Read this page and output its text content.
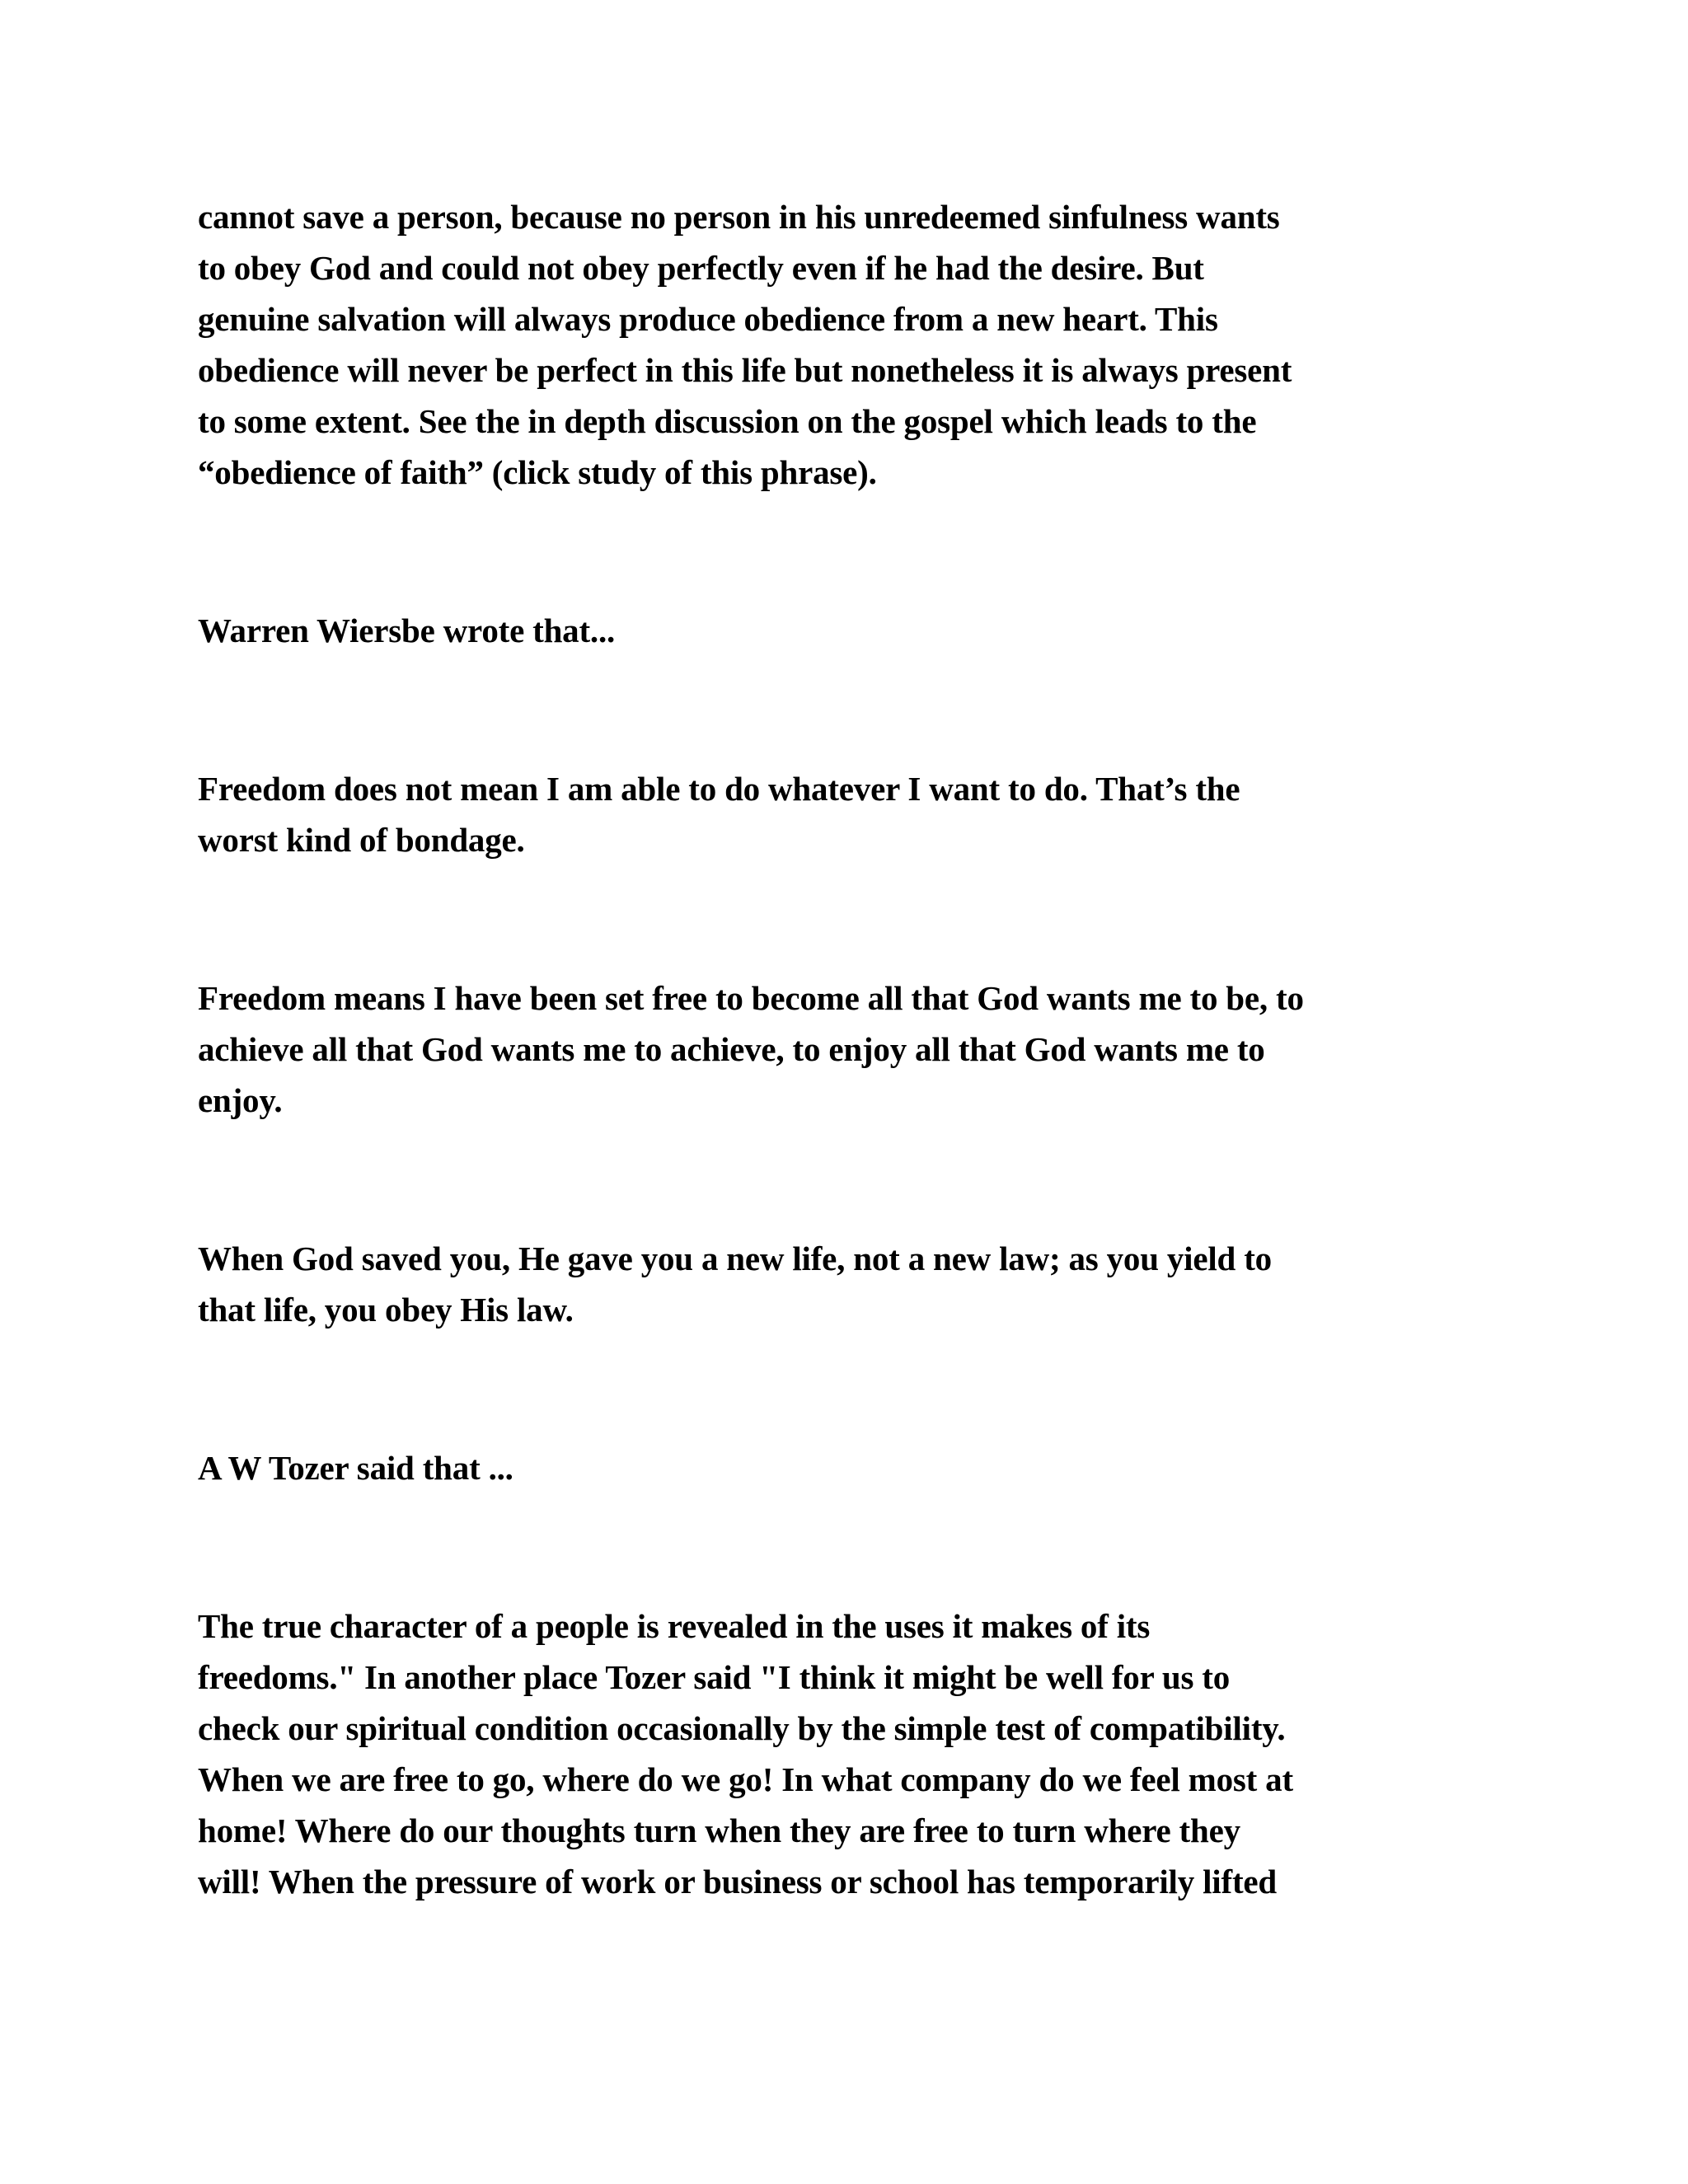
cannot save a person, because no person in his unredeemed sinfulness wants
to obey God and could not obey perfectly even if he had the desire. But
genuine salvation will always produce obedience from a new heart. This
obedience will never be perfect in this life but nonetheless it is always present
to some extent. See the in depth discussion on the gospel which leads to the
“obedience of faith” (click study of this phrase).

Warren Wiersbe wrote that...

Freedom does not mean I am able to do whatever I want to do. That’s the
worst kind of bondage.

Freedom means I have been set free to become all that God wants me to be, to
achieve all that God wants me to achieve, to enjoy all that God wants me to
enjoy.

When God saved you, He gave you a new life, not a new law; as you yield to
that life, you obey His law.

A W Tozer said that ...

The true character of a people is revealed in the uses it makes of its
freedoms." In another place Tozer said "I think it might be well for us to
check our spiritual condition occasionally by the simple test of compatibility.
When we are free to go, where do we go! In what company do we feel most at
home! Where do our thoughts turn when they are free to turn where they
will! When the pressure of work or business or school has temporarily lifted
